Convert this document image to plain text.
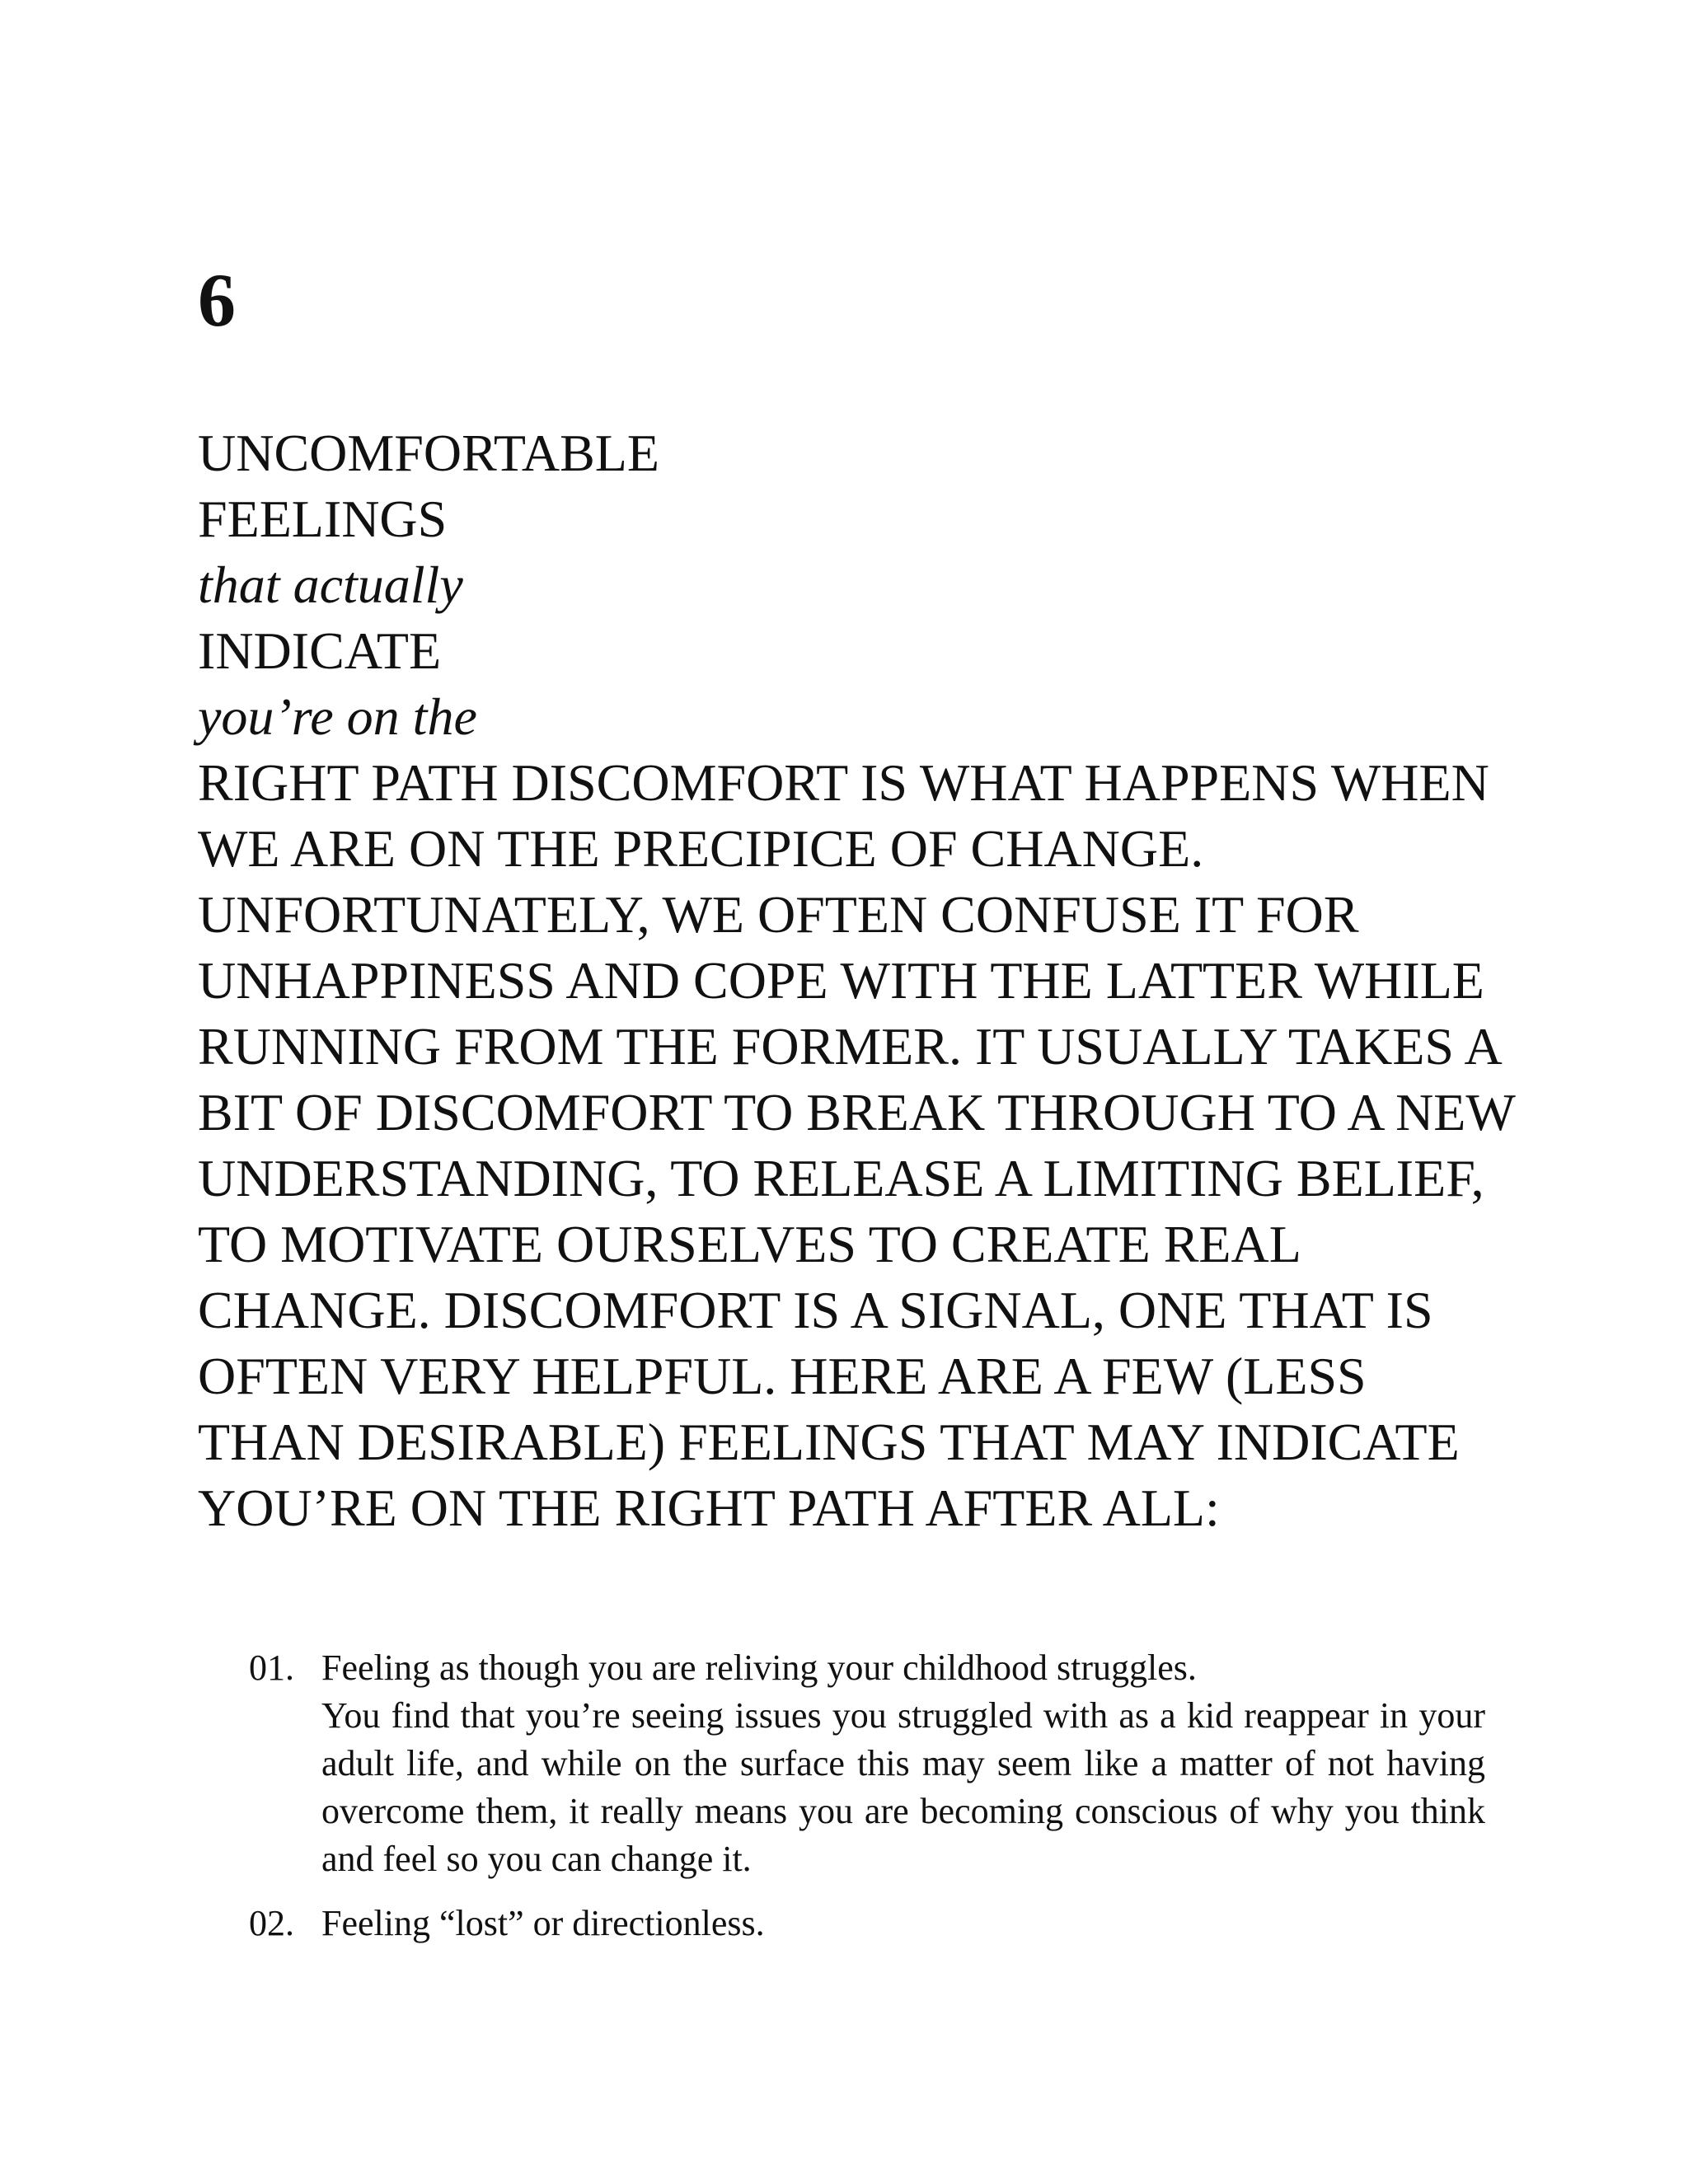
6
UNCOMFORTABLE
FEELINGS
that actually
INDICATE
you’re on the
RIGHT PATH DISCOMFORT IS WHAT HAPPENS WHEN WE ARE ON THE PRECIPICE OF CHANGE. UNFORTUNATELY, WE OFTEN CONFUSE IT FOR UNHAPPINESS AND COPE WITH THE LATTER WHILE RUNNING FROM THE FORMER. IT USUALLY TAKES A BIT OF DISCOMFORT TO BREAK THROUGH TO A NEW UNDERSTANDING, TO RELEASE A LIMITING BELIEF, TO MOTIVATE OURSELVES TO CREATE REAL CHANGE. DISCOMFORT IS A SIGNAL, ONE THAT IS OFTEN VERY HELPFUL. HERE ARE A FEW (LESS THAN DESIRABLE) FEELINGS THAT MAY INDICATE YOU’RE ON THE RIGHT PATH AFTER ALL:
01. Feeling as though you are reliving your childhood struggles.
You find that you’re seeing issues you struggled with as a kid reappear in your adult life, and while on the surface this may seem like a matter of not having overcome them, it really means you are becoming conscious of why you think and feel so you can change it.
02. Feeling “lost” or directionless.
